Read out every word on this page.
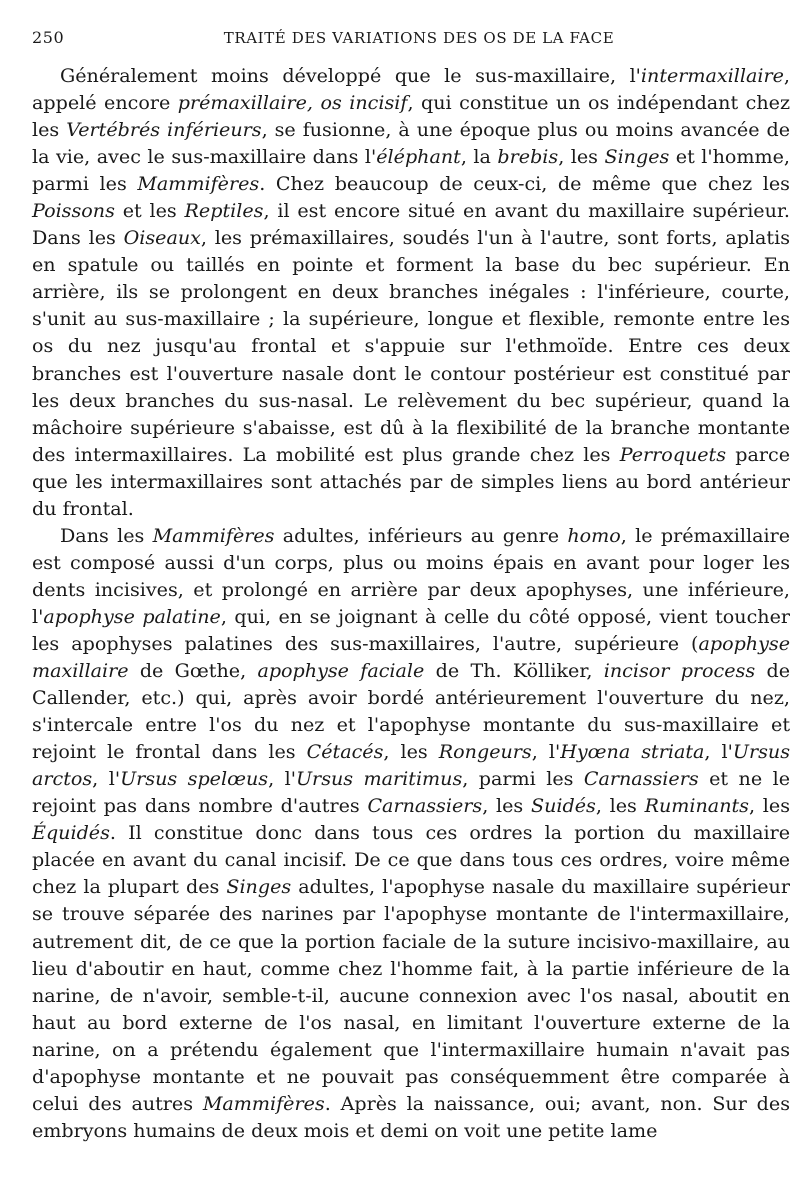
250	TRAITÉ DES VARIATIONS DES OS DE LA FACE

Généralement moins développé que le sus-maxillaire, l'intermaxillaire, appelé encore prémaxillaire, os incisif, qui constitue un os indépendant chez les Vertébrés inférieurs, se fusionne, à une époque plus ou moins avancée de la vie, avec le sus-maxillaire dans l'éléphant, la brebis, les Singes et l'homme, parmi les Mammifères. Chez beaucoup de ceux-ci, de même que chez les Poissons et les Reptiles, il est encore situé en avant du maxillaire supérieur. Dans les Oiseaux, les prémaxillaires, soudés l'un à l'autre, sont forts, aplatis en spatule ou taillés en pointe et forment la base du bec supérieur. En arrière, ils se prolongent en deux branches inégales : l'inférieure, courte, s'unit au sus-maxillaire ; la supérieure, longue et flexible, remonte entre les os du nez jusqu'au frontal et s'appuie sur l'ethmoïde. Entre ces deux branches est l'ouverture nasale dont le contour postérieur est constitué par les deux branches du sus-nasal. Le relèvement du bec supérieur, quand la mâchoire supérieure s'abaisse, est dû à la flexibilité de la branche montante des intermaxillaires. La mobilité est plus grande chez les Perroquets parce que les intermaxillaires sont attachés par de simples liens au bord antérieur du frontal.

Dans les Mammifères adultes, inférieurs au genre homo, le prémaxillaire est composé aussi d'un corps, plus ou moins épais en avant pour loger les dents incisives, et prolongé en arrière par deux apophyses, une inférieure, l'apophyse palatine, qui, en se joignant à celle du côté opposé, vient toucher les apophyses palatines des sus-maxillaires, l'autre, supérieure (apophyse maxillaire de Gœthe, apophyse faciale de Th. Kölliker, incisor process de Callender, etc.) qui, après avoir bordé antérieurement l'ouverture du nez, s'intercale entre l'os du nez et l'apophyse montante du sus-maxillaire et rejoint le frontal dans les Cétacés, les Rongeurs, l'Hyœna striata, l'Ursus arctos, l'Ursus spelœus, l'Ursus maritimus, parmi les Carnassiers et ne le rejoint pas dans nombre d'autres Carnassiers, les Suidés, les Ruminants, les Équidés. Il constitue donc dans tous ces ordres la portion du maxillaire placée en avant du canal incisif. De ce que dans tous ces ordres, voire même chez la plupart des Singes adultes, l'apophyse nasale du maxillaire supérieur se trouve séparée des narines par l'apophyse montante de l'intermaxillaire, autrement dit, de ce que la portion faciale de la suture incisivo-maxillaire, au lieu d'aboutir en haut, comme chez l'homme fait, à la partie inférieure de la narine, de n'avoir, semble-t-il, aucune connexion avec l'os nasal, aboutit en haut au bord externe de l'os nasal, en limitant l'ouverture externe de la narine, on a prétendu également que l'intermaxillaire humain n'avait pas d'apophyse montante et ne pouvait pas conséquemment être comparée à celui des autres Mammifères. Après la naissance, oui; avant, non. Sur des embryons humains de deux mois et demi on voit une petite lame
